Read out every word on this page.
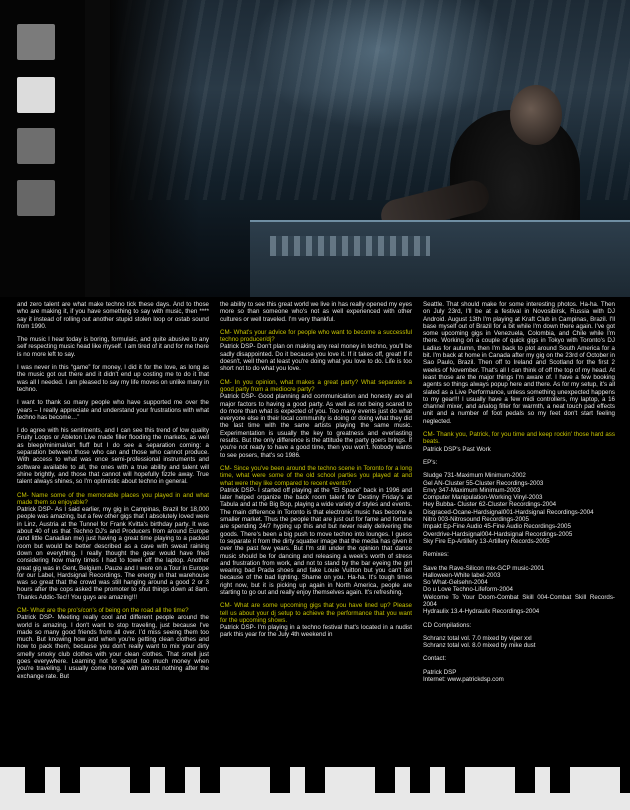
and zero talent are what make techno tick these days. And to those who are making it, if you have something to say with music, then **** say it instead of rolling out another stupid stolen loop or ostab sound from 1990.

The music I hear today is boring, formulaic, and quite abusive to any self respecting music head like myself. I am tired of it and for me there is no more left to say.

I was never in this “game” for money, I did it for the love, as long as the music got out there and it didn't end up costing me to do it that was all I needed. I am pleased to say my life moves on unlike many in techno.

I want to thank so many people who have supported me over the years – I really appreciate and understand your frustrations with what techno has become…”

I do agree with his sentiments, and I can see this trend of low quality Fruity Loops or Ableton Live made filler flooding the markets, as well as bleep/minimal/art fluff but I do see a separation coming: a separation between those who can and those who cannot produce. With access to what was once semi-professional instruments and software available to all, the ones with a true ability and talent will shine brightly, and those that cannot will hopefully fizzle away. True talent always shines, so I'm optimistic about techno in general.

CM- Name some of the memorable places you played in and what made them so enjoyable?

Patrick DSP- As I said earlier, my gig in Campinas, Brazil for 18,000 people was amazing, but a few other gigs that I absolutely loved were in Linz, Austria at the Tunnel for Frank Kvitta's birthday party. It was about 40 of us that Techno DJ's and Producers from around Europe (and little Canadian me) just having a great time playing to a packed room but would be better described as a cave with sweat raining down on everything. I really thought the gear would have fried considering how many times I had to towel off the laptop. Another great gig was in Gent, Belgium. Pauze and I were on a Tour in Europe for our Label, Hardsignal Recordings. The energy in that warehouse was so great that the crowd was still hanging around a good 2 or 3 hours after the cops asked the promoter to shut things down at 8am. Thanks Addic-Tec!! You guys are amazing!!!

CM- What are the pro's/con's of being on the road all the time?

Patrick DSP- Meeting really cool and different people around the world is amazing. I don't want to stop traveling, just because I've made so many good friends from all over. I’d miss seeing them too much. But knowing how and when you're getting clean clothes and how to pack them, because you don't really want to mix your dirty smelly smoky club clothes with your clean clothes. That smell just goes everywhere. Learning not to spend too much money when you're traveling. I usually come home with almost nothing after the exchange rate. But

the ability to see this great world we live in has really opened my eyes more so than someone who's not as well experienced with other cultures or well traveled. I'm very thankful.

CM- What's your advice for people who want to become a successful techno producer/dj?

Patrick DSP- Don't plan on making any real money in techno, you'll be sadly disappointed. Do it because you love it. If it takes off, great! If it doesn't, well then at least you're doing what you love to do. Life is too short not to do what you love.

CM- In you opinion, what makes a great party? What separates a good party from a mediocre party?

Patrick DSP- Good planning and communication and honesty are all major factors to having a good party. As well as not being scared to do more than what is expected of you. Too many events just do what everyone else in their local community is doing or doing what they did the last time with the same artists playing the same music. Experimentation is usually the key to greatness and everlasting results. But the only difference is the attitude the party goers brings. If you're not ready to have a good time, then you won't. Nobody wants to see posers, that's so 1986.

CM- Since you've been around the techno scene in Toronto for a long time, what were some of the old school parties you played at and what were they like compared to recent events?

Patrick DSP- I started off playing at the “El Space” back in 1996 and later helped organize the back room talent for Destiny Friday's at Tabula and at the Big Bop, playing a wide variety of styles and events. The main difference in Toronto is that electronic music has become a smaller market. Thus the people that are just out for fame and fortune are spending 24/7 hyping up this and but never really delivering the goods. There's been a big push to move techno into lounges. I guess to separate it from the dirty squatter image that the media has given it over the past few years. But I'm still under the opinion that dance music should be for dancing and releasing a week's worth of stress and frustration from work, and not to stand by the bar eyeing the girl wearing bad Prada shoes and fake Louie Vuitton but you can't tell because of the bad lighting. Shame on you. Ha-ha. It's tough times right now, but it is picking up again in North America, people are starting to go out and really enjoy themselves again. It's refreshing.

CM- What are some upcoming gigs that you have lined up? Please tell us about your dj setup to achieve the performance that you want for the upcoming shows.

Patrick DSP- I'm playing in a techno festival that's located in a nudist park this year for the July 4th weekend in

Seattle. That should make for some interesting photos. Ha-ha. Then on July 23rd, I'll be at a festival in Novosibirsk, Russia with DJ Android. August 13th I'm playing at Kraft Club in Campinas, Brazil. I'll base myself out of Brazil for a bit while I'm down there again. I've got some upcoming gigs in Venezuela, Colombia, and Chile while I'm there. Working on a couple of quick gigs in Tokyo with Toronto's DJ Ladius for autumn, then I'm back to plot around South America for a bit. I'm back at home in Canada after my gig on the 23rd of October in Sao Paulo, Brazil. Then off to Ireland and Scotland for the first 2 weeks of November. That's all I can think of off the top of my head. At least those are the major things I'm aware of. I have a few booking agents so things always popup here and there. As for my setup, it's all slated as a Live Performance, unless something unexpected happens to my gear!!! I usually have a few midi controllers, my laptop, a 16 channel mixer, and analog filter for warmth, a neat touch pad effects unit and a number of foot pedals so my feet don't start feeling neglected.

CM- Thank you, Patrick, for you time and keep rockin' those hard ass beats.

Patrick DSP's Past Work

EP's:

Sludge 731-Maximum Minimum-2002
Gel AN-Cluster 55-Cluster Recordings-2003
Envy 347-Maximum Minimum-2003
Computer Manipulation-Working Vinyl-2003
Hey Bubba- Cluster 62-Cluster Recordings-2004
Disgraced-Ocane-Hardsignal001-Hardsignal Recordings-2004
Nitro 003-Nitrosound Recordings-2005
Impakt Ep-Fine Audio 45-Fine Audio Recordings-2005
Overdrive-Hardsignal004-Hardsignal Recordings-2005
Sky Fire Ep-Artillery 13-Artillery Records-2005

Remixes:

Save the Rave-Silicon mix-GCP music-2001
Halloween-White label-2003
So What-Gelsehn-2004
Do u Love Techno-Lifeform-2004
Welcome To Your Doom-Combat Skill 004-Combat Skill Records-2004
Hydraulix 13.4-Hydraulix Recordings-2004

CD Compilations:

Schranz total vol. 7.0 mixed by viper xxl
Schranz total vol. 8.0 mixed by mike dust

Contact:

Patrick DSP
Internet: www.patrickdsp.com
